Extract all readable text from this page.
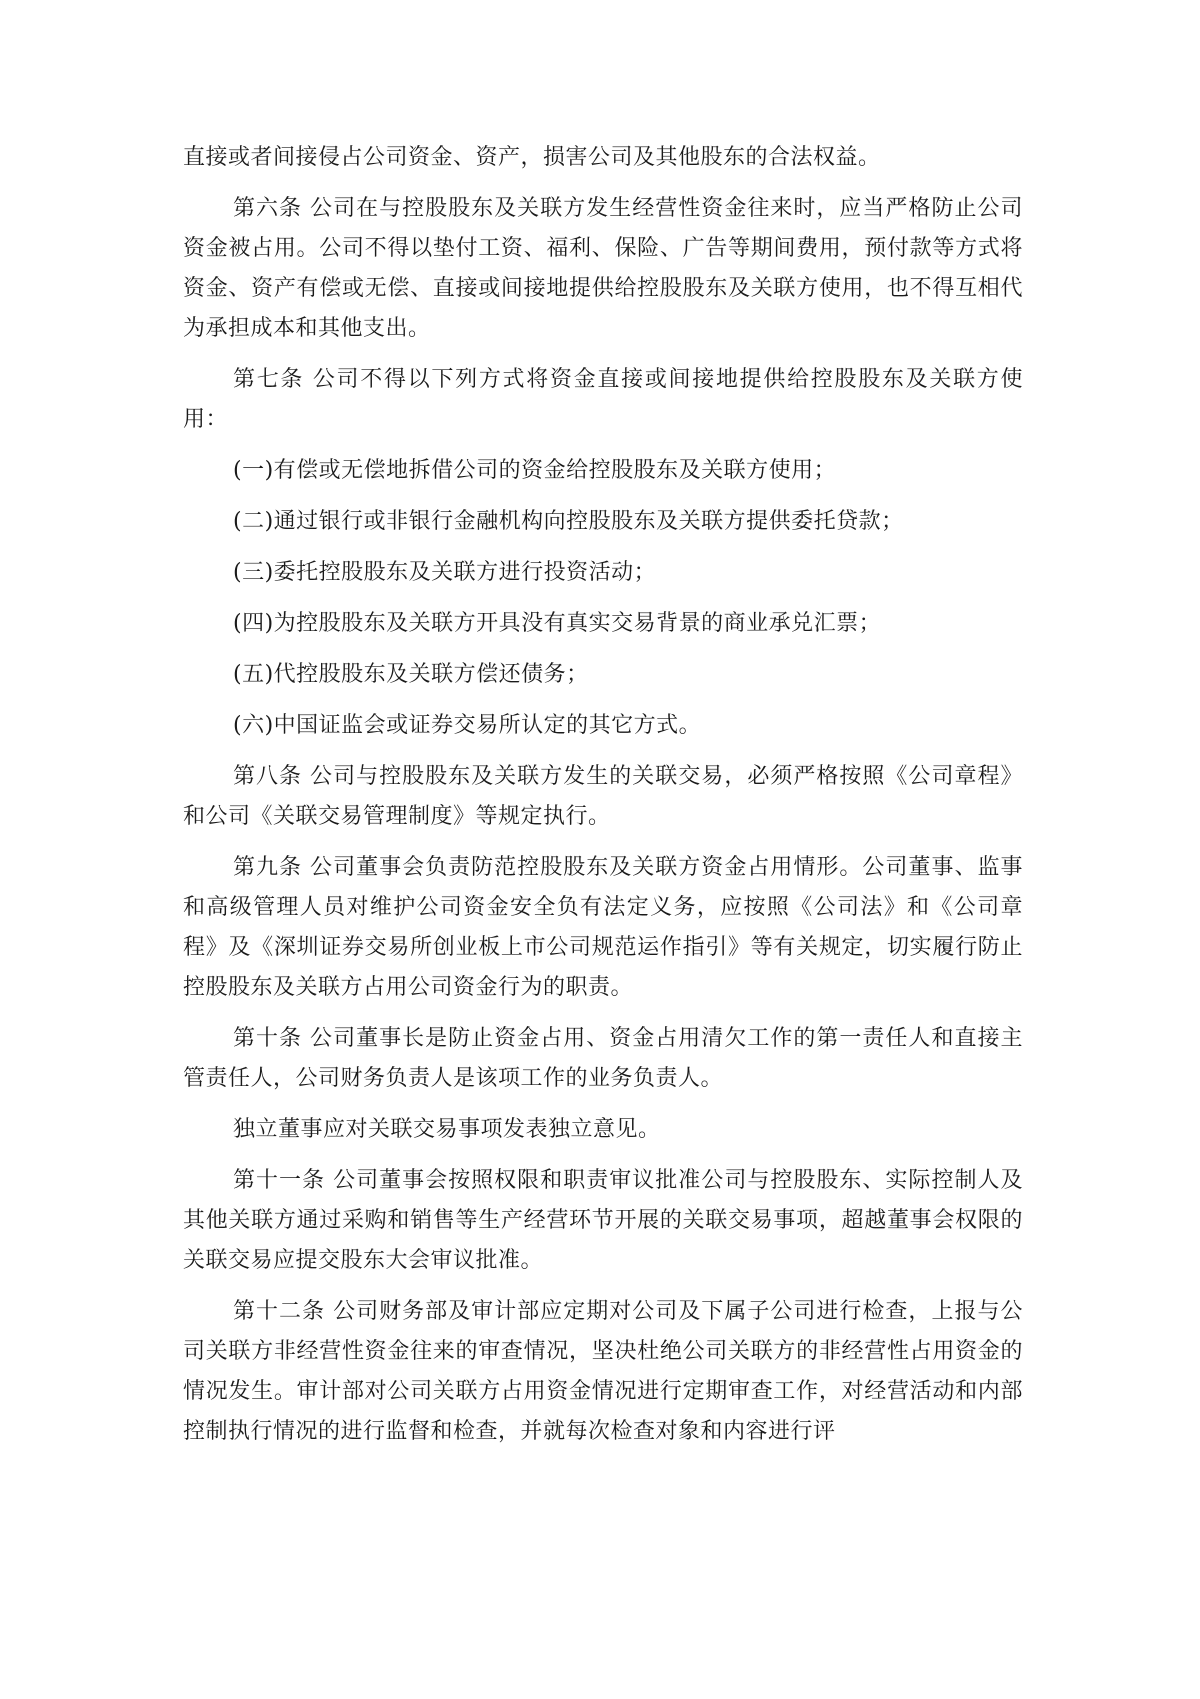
直接或者间接侵占公司资金、资产，损害公司及其他股东的合法权益。

第六条 公司在与控股股东及关联方发生经营性资金往来时，应当严格防止公司资金被占用。公司不得以垫付工资、福利、保险、广告等期间费用，预付款等方式将资金、资产有偿或无偿、直接或间接地提供给控股股东及关联方使用，也不得互相代为承担成本和其他支出。

第七条 公司不得以下列方式将资金直接或间接地提供给控股股东及关联方使用：

(一)有偿或无偿地拆借公司的资金给控股股东及关联方使用；

(二)通过银行或非银行金融机构向控股股东及关联方提供委托贷款；

(三)委托控股股东及关联方进行投资活动；

(四)为控股股东及关联方开具没有真实交易背景的商业承兑汇票；

(五)代控股股东及关联方偿还债务；

(六)中国证监会或证券交易所认定的其它方式。

第八条 公司与控股股东及关联方发生的关联交易，必须严格按照《公司章程》和公司《关联交易管理制度》等规定执行。

第九条 公司董事会负责防范控股股东及关联方资金占用情形。公司董事、监事和高级管理人员对维护公司资金安全负有法定义务，应按照《公司法》和《公司章程》及《深圳证券交易所创业板上市公司规范运作指引》等有关规定，切实履行防止控股股东及关联方占用公司资金行为的职责。

第十条 公司董事长是防止资金占用、资金占用清欠工作的第一责任人和直接主管责任人，公司财务负责人是该项工作的业务负责人。

独立董事应对关联交易事项发表独立意见。

第十一条 公司董事会按照权限和职责审议批准公司与控股股东、实际控制人及其他关联方通过采购和销售等生产经营环节开展的关联交易事项，超越董事会权限的关联交易应提交股东大会审议批准。

第十二条 公司财务部及审计部应定期对公司及下属子公司进行检查，上报与公司关联方非经营性资金往来的审查情况，坚决杜绝公司关联方的非经营性占用资金的情况发生。审计部对公司关联方占用资金情况进行定期审查工作，对经营活动和内部控制执行情况的进行监督和检查，并就每次检查对象和内容进行评
